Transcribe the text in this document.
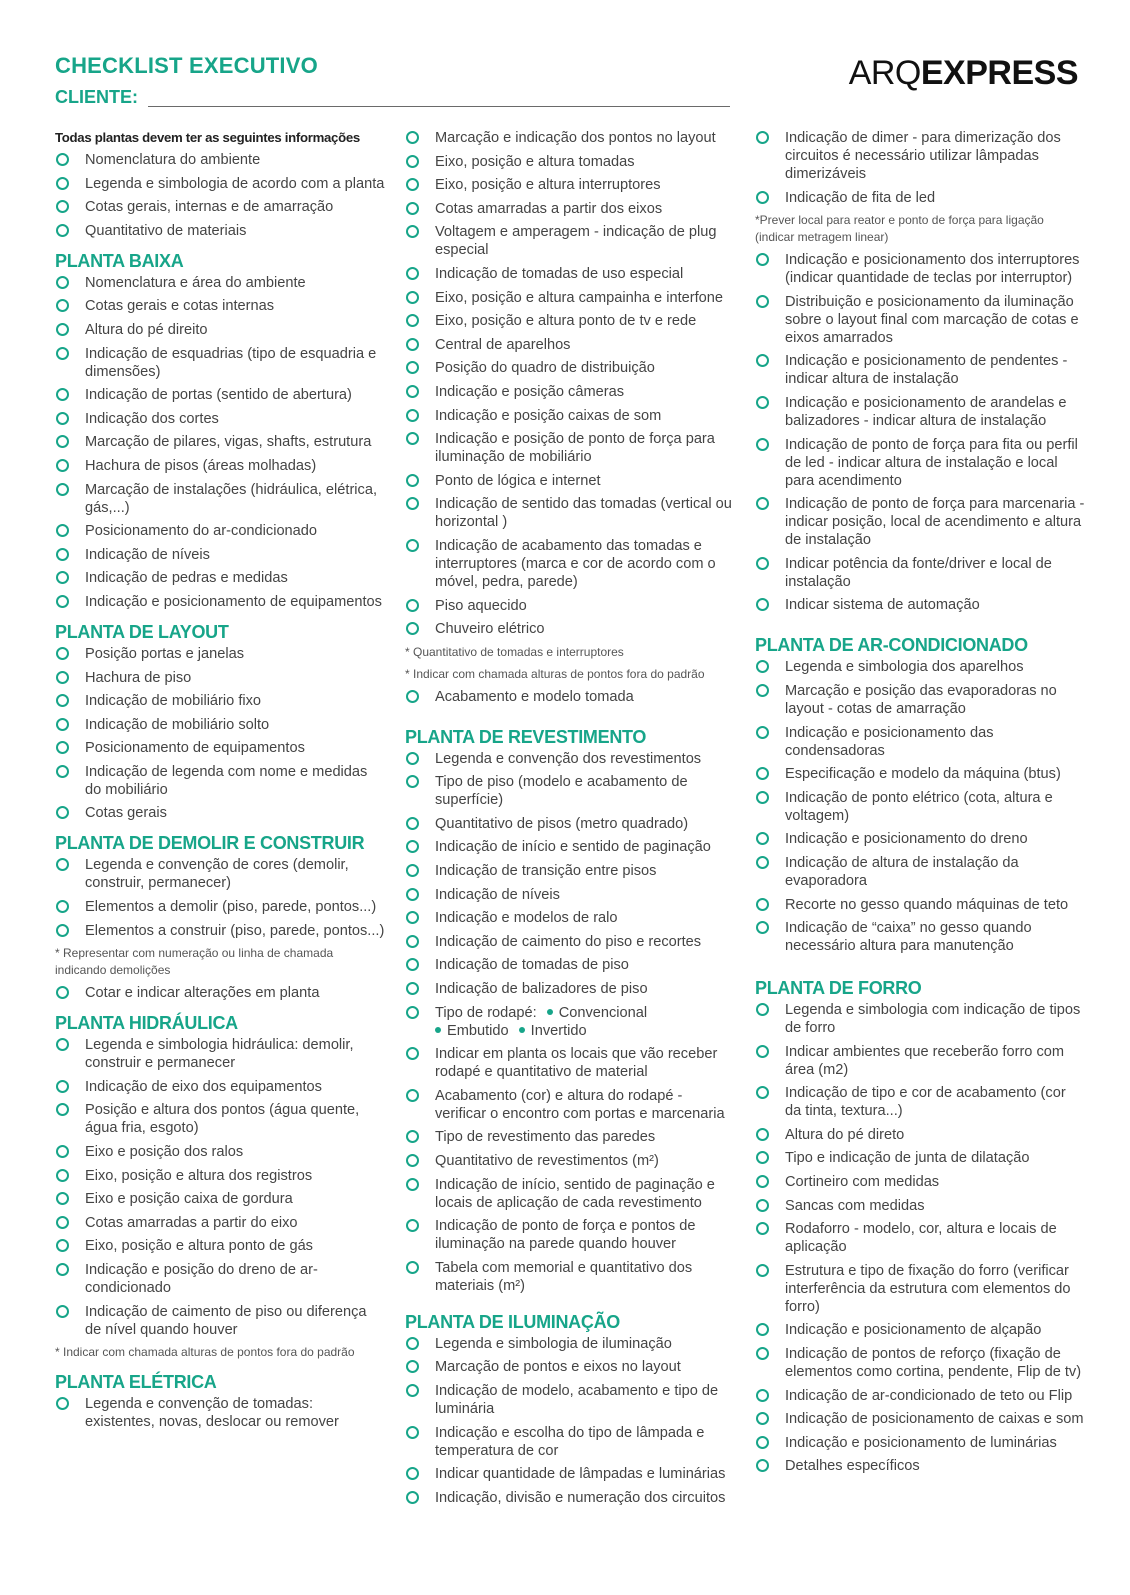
CHECKLIST EXECUTIVO
CLIENTE:
ARQEXPRESS
Todas plantas devem ter as seguintes informações
Nomenclatura do ambiente
Legenda e simbologia de acordo com a planta
Cotas gerais, internas e de amarração
Quantitativo de materiais
PLANTA BAIXA
Nomenclatura e área do ambiente
Cotas gerais e cotas internas
Altura do pé direito
Indicação de esquadrias (tipo de esquadria e dimensões)
Indicação de portas (sentido de abertura)
Indicação dos cortes
Marcação de pilares, vigas, shafts, estrutura
Hachura de pisos (áreas molhadas)
Marcação de instalações (hidráulica, elétrica, gás,...)
Posicionamento do ar-condicionado
Indicação de níveis
Indicação de pedras e medidas
Indicação e posicionamento de equipamentos
PLANTA DE LAYOUT
Posição portas e janelas
Hachura de piso
Indicação de mobiliário fixo
Indicação de mobiliário solto
Posicionamento de equipamentos
Indicação de legenda com nome e medidas do mobiliário
Cotas gerais
PLANTA DE DEMOLIR E CONSTRUIR
Legenda e convenção de cores (demolir, construir, permanecer)
Elementos a demolir (piso, parede, pontos...)
Elementos a construir (piso, parede, pontos...)
* Representar com numeração ou linha de chamada indicando demolições
Cotar e indicar alterações em planta
PLANTA HIDRÁULICA
Legenda e simbologia hidráulica: demolir, construir e permanecer
Indicação de eixo dos equipamentos
Posição e altura dos pontos (água quente, água fria, esgoto)
Eixo e posição dos ralos
Eixo, posição e altura dos registros
Eixo e posição caixa de gordura
Cotas amarradas a partir do eixo
Eixo, posição e altura ponto de gás
Indicação e posição do dreno de ar-condicionado
Indicação de caimento de piso ou diferença de nível quando houver
* Indicar com chamada alturas de pontos fora do padrão
PLANTA ELÉTRICA
Legenda e convenção de tomadas: existentes, novas, deslocar ou remover
Marcação e indicação dos pontos no layout
Eixo, posição e altura tomadas
Eixo, posição e altura interruptores
Cotas amarradas a partir dos eixos
Voltagem e amperagem - indicação de plug especial
Indicação de tomadas de uso especial
Eixo, posição e altura campainha e interfone
Eixo, posição e altura ponto de tv e rede
Central de aparelhos
Posição do quadro de distribuição
Indicação e posição câmeras
Indicação e posição caixas de som
Indicação e posição de ponto de força para iluminação de mobiliário
Ponto de lógica e internet
Indicação de sentido das tomadas (vertical ou horizontal )
Indicação de acabamento das tomadas e interruptores (marca e cor de acordo com o móvel, pedra, parede)
Piso aquecido
Chuveiro elétrico
* Quantitativo de tomadas e interruptores
* Indicar com chamada alturas de pontos fora do padrão
Acabamento e modelo tomada
PLANTA DE REVESTIMENTO
Legenda e convenção dos revestimentos
Tipo de piso (modelo e acabamento de superfície)
Quantitativo de pisos (metro quadrado)
Indicação de início e sentido de paginação
Indicação de transição entre pisos
Indicação de níveis
Indicação e modelos de ralo
Indicação de caimento do piso e recortes
Indicação de tomadas de piso
Indicação de balizadores de piso
Tipo de rodapé: Convencional
Embutido Invertido
Indicar em planta os locais que vão receber rodapé e quantitativo de material
Acabamento (cor) e altura do rodapé - verificar o encontro com portas e marcenaria
Tipo de revestimento das paredes
Quantitativo de revestimentos (m²)
Indicação de início, sentido de paginação e locais de aplicação de cada revestimento
Indicação de ponto de força e pontos de iluminação na parede quando houver
Tabela com memorial e quantitativo dos materiais (m²)
PLANTA DE ILUMINAÇÃO
Legenda e simbologia de iluminação
Marcação de pontos e eixos no layout
Indicação de modelo, acabamento e tipo de luminária
Indicação e escolha do tipo de lâmpada e temperatura de cor
Indicar quantidade de lâmpadas e luminárias
Indicação, divisão e numeração dos circuitos
Indicação de dimer - para dimerização dos circuitos é necessário utilizar lâmpadas dimerizáveis
Indicação de fita de led
*Prever local para reator e ponto de força para ligação (indicar metragem linear)
Indicação e posicionamento dos interruptores (indicar quantidade de teclas por interruptor)
Distribuição e posicionamento da iluminação sobre o layout final com marcação de cotas e eixos amarrados
Indicação e posicionamento de pendentes - indicar altura de instalação
Indicação e posicionamento de arandelas e balizadores - indicar altura de instalação
Indicação de ponto de força para fita ou perfil de led - indicar altura de instalação e local para acendimento
Indicação de ponto de força para marcenaria - indicar posição, local de acendimento e altura de instalação
Indicar potência da fonte/driver e local de instalação
Indicar sistema de automação
PLANTA DE AR-CONDICIONADO
Legenda e simbologia dos aparelhos
Marcação e posição das evaporadoras no layout - cotas de amarração
Indicação e posicionamento das condensadoras
Especificação e modelo da máquina (btus)
Indicação de ponto elétrico (cota, altura e voltagem)
Indicação e posicionamento do dreno
Indicação de altura de instalação da evaporadora
Recorte no gesso quando máquinas de teto
Indicação de “caixa” no gesso quando necessário altura para manutenção
PLANTA DE FORRO
Legenda e simbologia com indicação de tipos de forro
Indicar ambientes que receberão forro com área (m2)
Indicação de tipo e cor de acabamento (cor da tinta, textura...)
Altura do pé direto
Tipo e indicação de junta de dilatação
Cortineiro com medidas
Sancas com medidas
Rodaforro - modelo, cor, altura e locais de aplicação
Estrutura e tipo de fixação do forro (verificar interferência da estrutura com elementos do forro)
Indicação e posicionamento de alçapão
Indicação de pontos de reforço (fixação de elementos como cortina, pendente, Flip de tv)
Indicação de ar-condicionado de teto ou Flip
Indicação de posicionamento de caixas e som
Indicação e posicionamento de luminárias
Detalhes específicos
